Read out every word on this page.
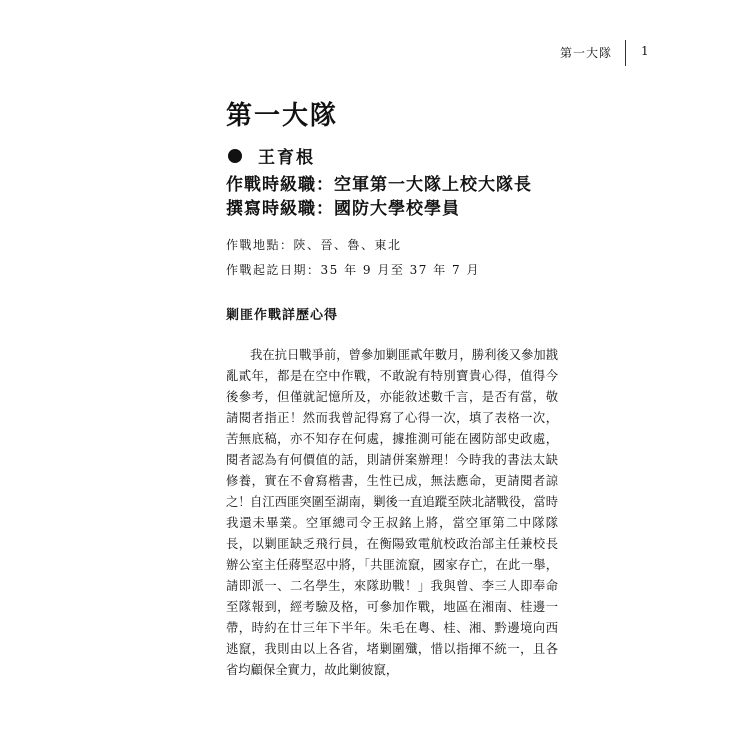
第一大隊 1
第一大隊
王育根
作戰時級職：空軍第一大隊上校大隊長
撰寫時級職：國防大學校學員
作戰地點：陝、晉、魯、東北
作戰起訖日期：35 年 9 月至 37 年 7 月
剿匪作戰詳歷心得

我在抗日戰爭前，曾參加剿匪貳年數月，勝利後又參加戡亂貳年，都是在空中作戰，不敢說有特別寶貴心得，值得今後參考，但僅就記憶所及，亦能敘述數千言，是否有當，敬請閱者指正！然而我曾記得寫了心得一次，填了表格一次，苦無底稿，亦不知存在何處，據推測可能在國防部史政處，閱者認為有何價值的話，則請併案辦理！今時我的書法太缺修養，實在不會寫楷書，生性已成，無法應命，更請閱者諒之！ 自江西匪突圍至湖南，剿後一直追蹤至陝北諸戰役，當時我還未畢業。空軍總司令王叔銘上將，當空軍第二中隊隊長，以剿匪缺乏飛行員，在衡陽致電航校政治部主任兼校長辦公室主任蔣堅忍中將，「共匪流竄，國家存亡，在此一舉，請即派一、二名學生，來隊助戰！」我與曾、李三人即奉命至隊報到，經考驗及格，可參加作戰，地區在湘南、桂邊一帶，時約在廿三年下半年。朱毛在粵、桂、湘、黔邊境向西逃竄，我則由以上各省，堵剿圍殲，惜以指揮不統一，且各省均顧保全實力，故此剿彼竄，
